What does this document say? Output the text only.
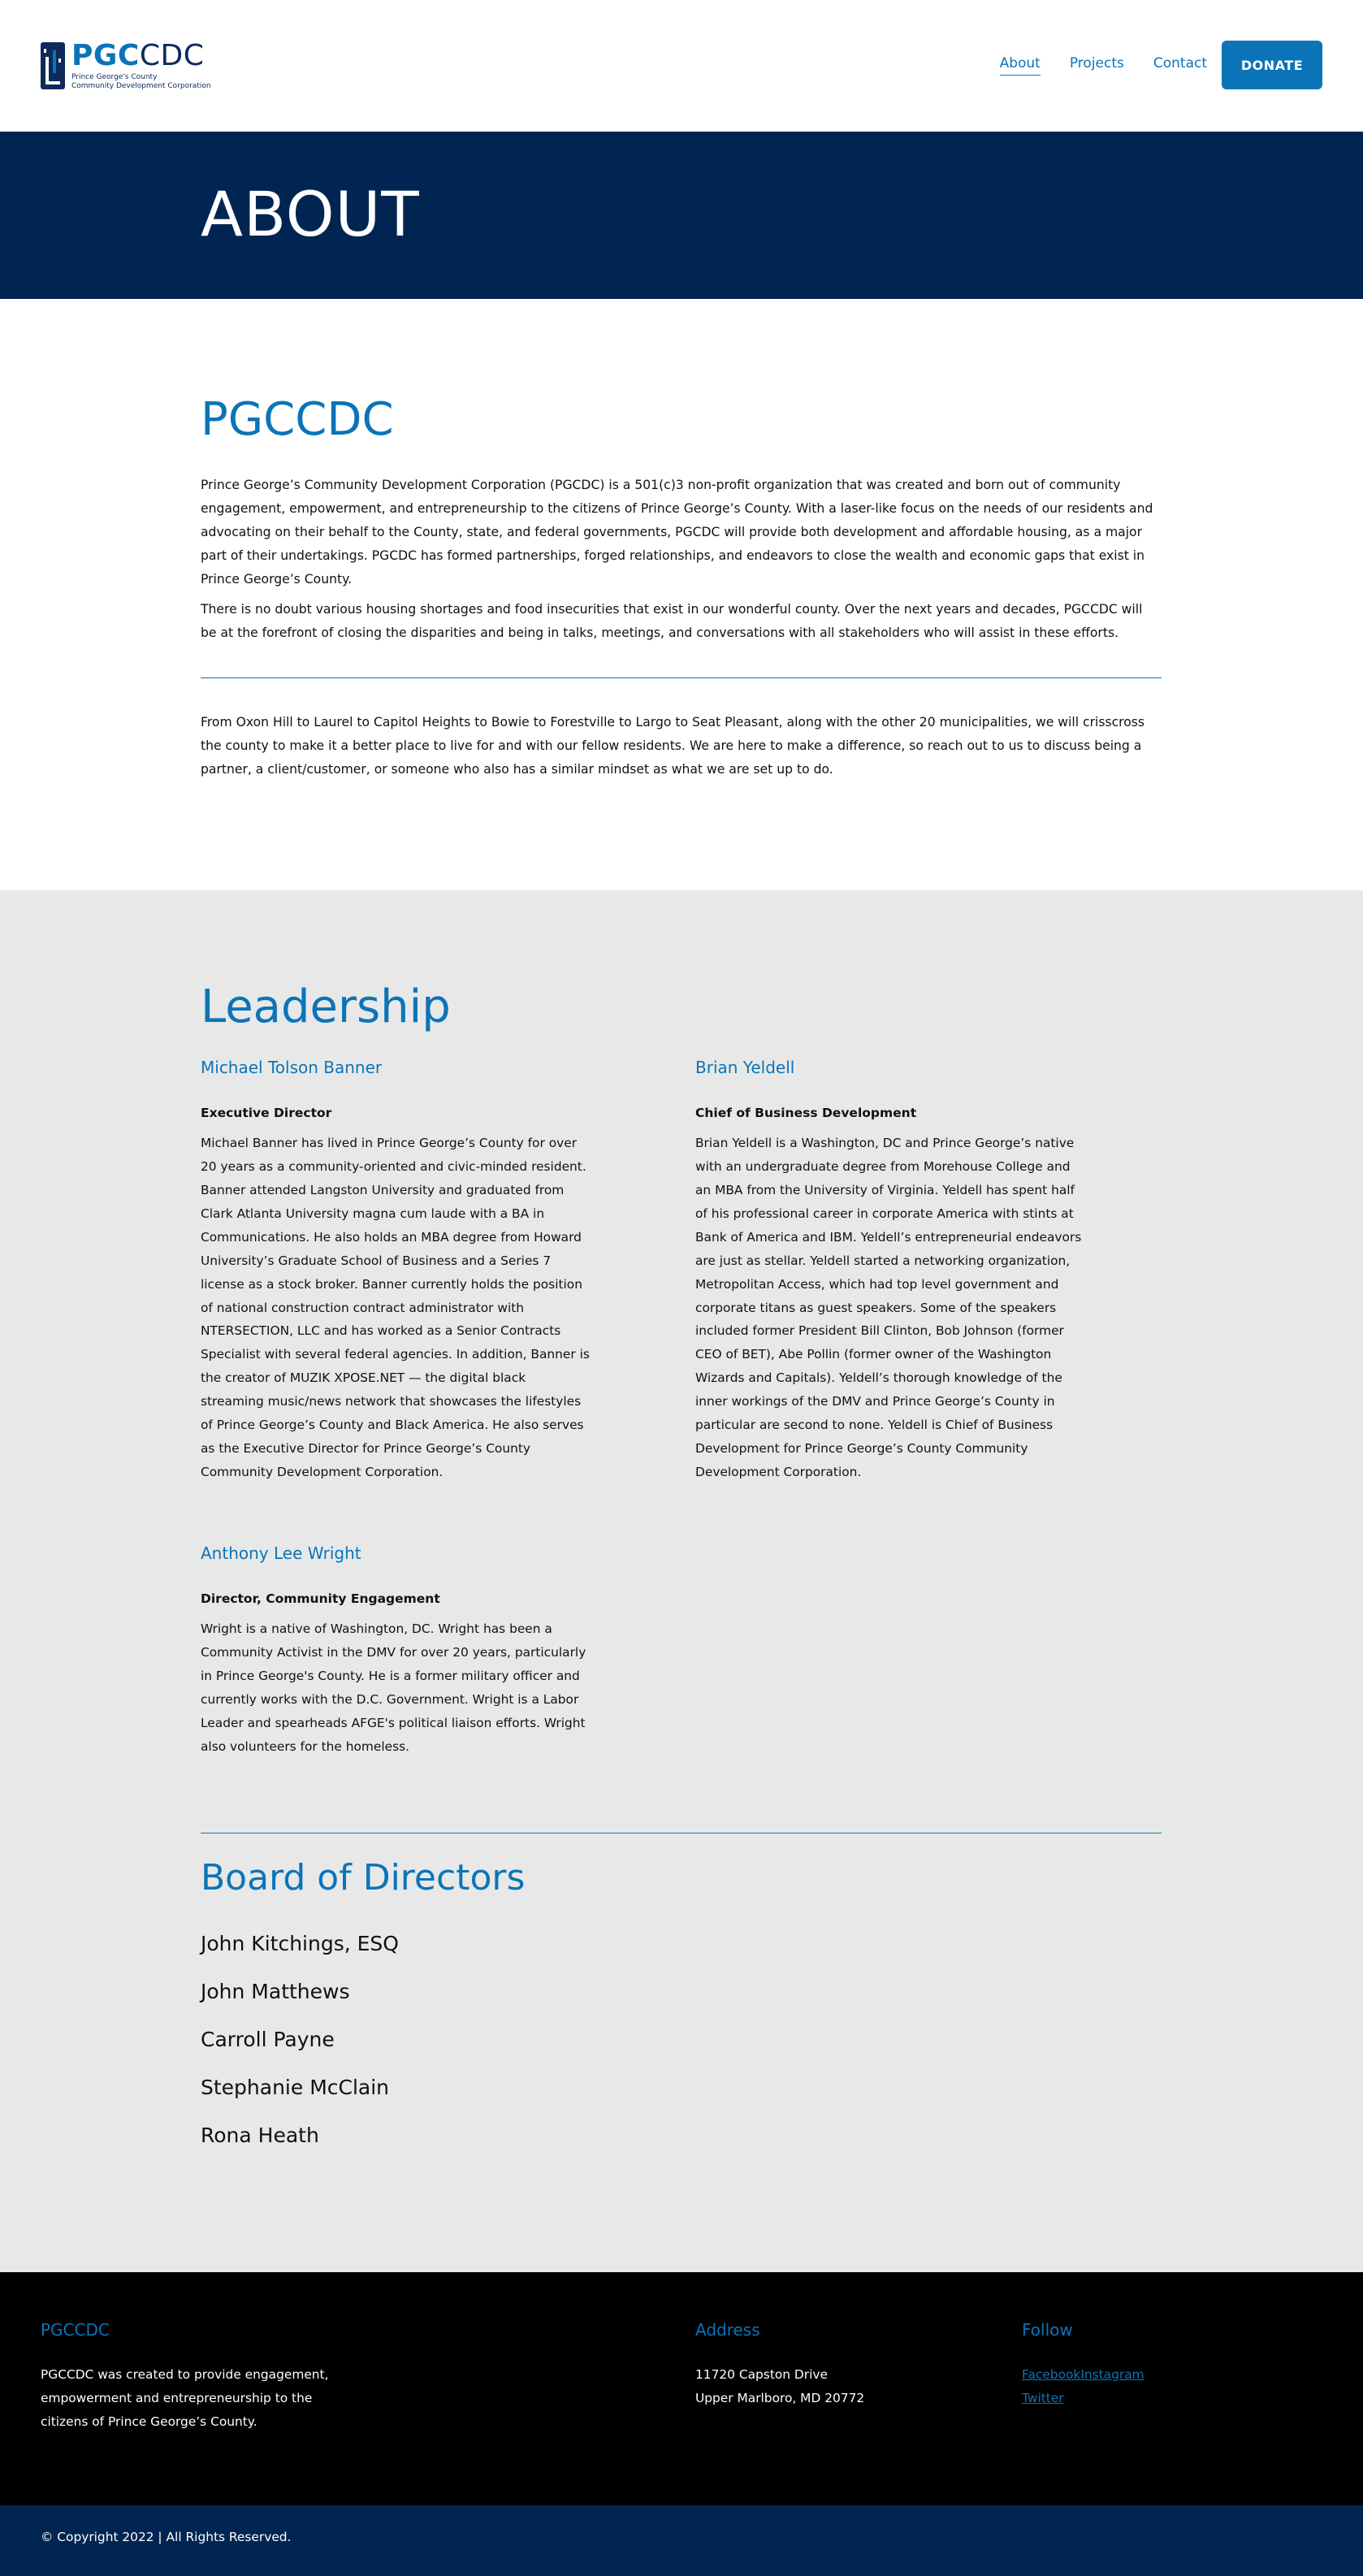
PGCCDC
Prince George's County
Community Development Corporation
About Projects Contact	DONATE
ABOUT
PGCCDC

Prince George’s Community Development Corporation (PGCDC) is a 501(c)3 non-profit organization that was created and born out of community engagement, empowerment, and entrepreneurship to the citizens of Prince George’s County. With a laser-like focus on the needs of our residents and advocating on their behalf to the County, state, and federal governments, PGCDC will provide both development and affordable housing, as a major part of their undertakings. PGCDC has formed partnerships, forged relationships, and endeavors to close the wealth and economic gaps that exist in Prince George’s County.

There is no doubt various housing shortages and food insecurities that exist in our wonderful county. Over the next years and decades, PGCCDC will be at the forefront of closing the disparities and being in talks, meetings, and conversations with all stakeholders who will assist in these efforts.

From Oxon Hill to Laurel to Capitol Heights to Bowie to Forestville to Largo to Seat Pleasant, along with the other 20 municipalities, we will crisscross the county to make it a better place to live for and with our fellow residents. We are here to make a difference, so reach out to us to discuss being a partner, a client/customer, or someone who also has a similar mindset as what we are set up to do.

Leadership
Michael Tolson Banner
Executive Director
Michael Banner has lived in Prince George’s County for over 20 years as a community-oriented and civic-minded resident. Banner attended Langston University and graduated from Clark Atlanta University magna cum laude with a BA in Communications. He also holds an MBA degree from Howard University’s Graduate School of Business and a Series 7 license as a stock broker. Banner currently holds the position of national construction contract administrator with NTERSECTION, LLC and has worked as a Senior Contracts Specialist with several federal agencies. In addition, Banner is the creator of MUZIK XPOSE.NET — the digital black streaming music/news network that showcases the lifestyles of Prince George’s County and Black America. He also serves as the Executive Director for Prince George’s County Community Development Corporation.
Brian Yeldell
Chief of Business Development
Brian Yeldell is a Washington, DC and Prince George’s native with an undergraduate degree from Morehouse College and an MBA from the University of Virginia. Yeldell has spent half of his professional career in corporate America with stints at Bank of America and IBM. Yeldell’s entrepreneurial endeavors are just as stellar. Yeldell started a networking organization, Metropolitan Access, which had top level government and corporate titans as guest speakers. Some of the speakers included former President Bill Clinton, Bob Johnson (former CEO of BET), Abe Pollin (former owner of the Washington Wizards and Capitals). Yeldell’s thorough knowledge of the inner workings of the DMV and Prince George’s County in particular are second to none. Yeldell is Chief of Business Development for Prince George’s County Community Development Corporation.
Anthony Lee Wright
Director, Community Engagement
Wright is a native of Washington, DC. Wright has been a Community Activist in the DMV for over 20 years, particularly in Prince George's County. He is a former military officer and currently works with the D.C. Government. Wright is a Labor Leader and spearheads AFGE's political liaison efforts. Wright also volunteers for the homeless.
Board of Directors
John Kitchings, ESQ
John Matthews
Carroll Payne
Stephanie McClain
Rona Heath
PGCCDC

PGCCDC was created to provide engagement, empowerment and entrepreneurship to the citizens of Prince George’s County.

Address

11720 Capston Drive

Upper Marlboro, MD 20772

Follow
FacebookInstagram
Twitter
© Copyright 2022 | All Rights Reserved.
